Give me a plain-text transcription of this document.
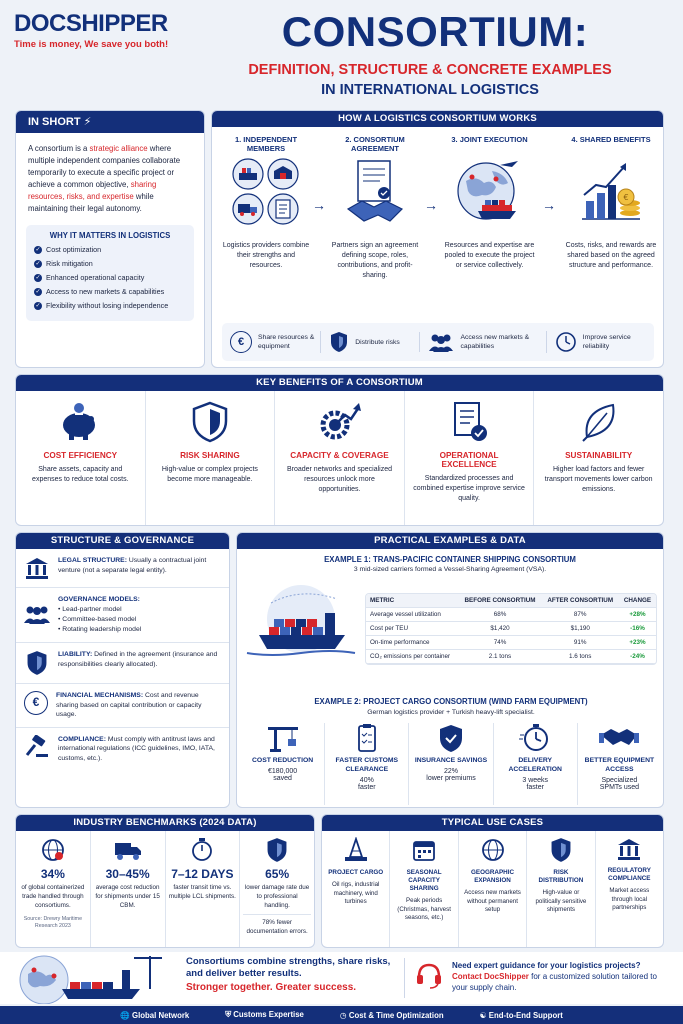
DOCSHIPPER
Time is money, We save you both!	CONSORTIUM:
DEFINITION, STRUCTURE & CONCRETE EXAMPLES
IN INTERNATIONAL LOGISTICS
IN SHORT ⚡
A consortium is a strategic alliance where multiple independent companies collaborate temporarily to execute a specific project or achieve a common objective, sharing resources, risks, and expertise while maintaining their legal autonomy.
WHY IT MATTERS IN LOGISTICS
✓ Cost optimization
✓ Risk mitigation
✓ Enhanced operational capacity
✓ Access to new markets & capabilities
✓ Flexibility without losing independence
HOW A LOGISTICS CONSORTIUM WORKS
1. INDEPENDENT MEMBERS
Logistics providers combine their strengths and resources.
→
2. CONSORTIUM AGREEMENT
Partners sign an agreement defining scope, roles, contributions, and profit-sharing.
→
3. JOINT EXECUTION
Resources and expertise are pooled to execute the project or service collectively.
→
4. SHARED BENEFITS
€
Costs, risks, and rewards are shared based on the agreed structure and performance.
€	Share resources & equipment
Distribute risks
Access new markets & capabilities
Improve service reliability
KEY BENEFITS OF A CONSORTIUM
COST EFFICIENCY
Share assets, capacity and expenses to reduce total costs.
RISK SHARING
High-value or complex projects become more manageable.
CAPACITY & COVERAGE
Broader networks and specialized resources unlock more opportunities.
OPERATIONAL EXCELLENCE
Standardized processes and combined expertise improve service quality.
SUSTAINABILITY
Higher load factors and fewer transport movements lower carbon emissions.
STRUCTURE & GOVERNANCE
LEGAL STRUCTURE: Usually a contractual joint venture (not a separate legal entity).
GOVERNANCE MODELS:
• Lead-partner model
• Committee-based model
• Rotating leadership model
LIABILITY: Defined in the agreement (insurance and responsibilities clearly allocated).
€	FINANCIAL MECHANISMS: Cost and revenue sharing based on capital contribution or capacity usage.
COMPLIANCE: Must comply with antitrust laws and international regulations (ICC guidelines, IMO, IATA, customs, etc.).
PRACTICAL EXAMPLES & DATA
EXAMPLE 1: TRANS-PACIFIC CONTAINER SHIPPING CONSORTIUM
3 mid-sized carriers formed a Vessel-Sharing Agreement (VSA).
METRIC	BEFORE CONSORTIUM	AFTER CONSORTIUM	CHANGE
Average vessel utilization	68%	87%	+28%
Cost per TEU	$1,420	$1,190	-16%
On-time performance	74%	91%	+23%
CO₂ emissions per container	2.1 tons	1.6 tons	-24%
EXAMPLE 2: PROJECT CARGO CONSORTIUM (WIND FARM EQUIPMENT)
German logistics provider + Turkish heavy-lift specialist.
COST REDUCTION
€180,000
saved
FASTER CUSTOMS CLEARANCE
40%
faster
INSURANCE SAVINGS
22%
lower premiums
DELIVERY ACCELERATION
3 weeks
faster
BETTER EQUIPMENT ACCESS
Specialized
SPMTs used
INDUSTRY BENCHMARKS (2024 DATA)
34%
of global containerized trade handled through consortiums.
Source: Drewry Maritime Research 2023
30–45%
average cost reduction for shipments under 15 CBM.
7–12 DAYS
faster transit time vs. multiple LCL shipments.
65%
lower damage rate due to professional handling.
78% fewer documentation errors.
TYPICAL USE CASES
PROJECT CARGO
Oil rigs, industrial machinery, wind turbines
SEASONAL CAPACITY SHARING
Peak periods (Christmas, harvest seasons, etc.)
GEOGRAPHIC EXPANSION
Access new markets without permanent setup
RISK DISTRIBUTION
High-value or politically sensitive shipments
REGULATORY COMPLIANCE
Market access through local partnerships
Consortiums combine strengths, share risks, and deliver better results.
Stronger together. Greater success.
Need expert guidance for your logistics projects?
Contact DocShipper for a customized solution tailored to your supply chain.
🌐 Global Network	⛨ Customs Expertise	◷ Cost & Time Optimization	☯ End-to-End Support
